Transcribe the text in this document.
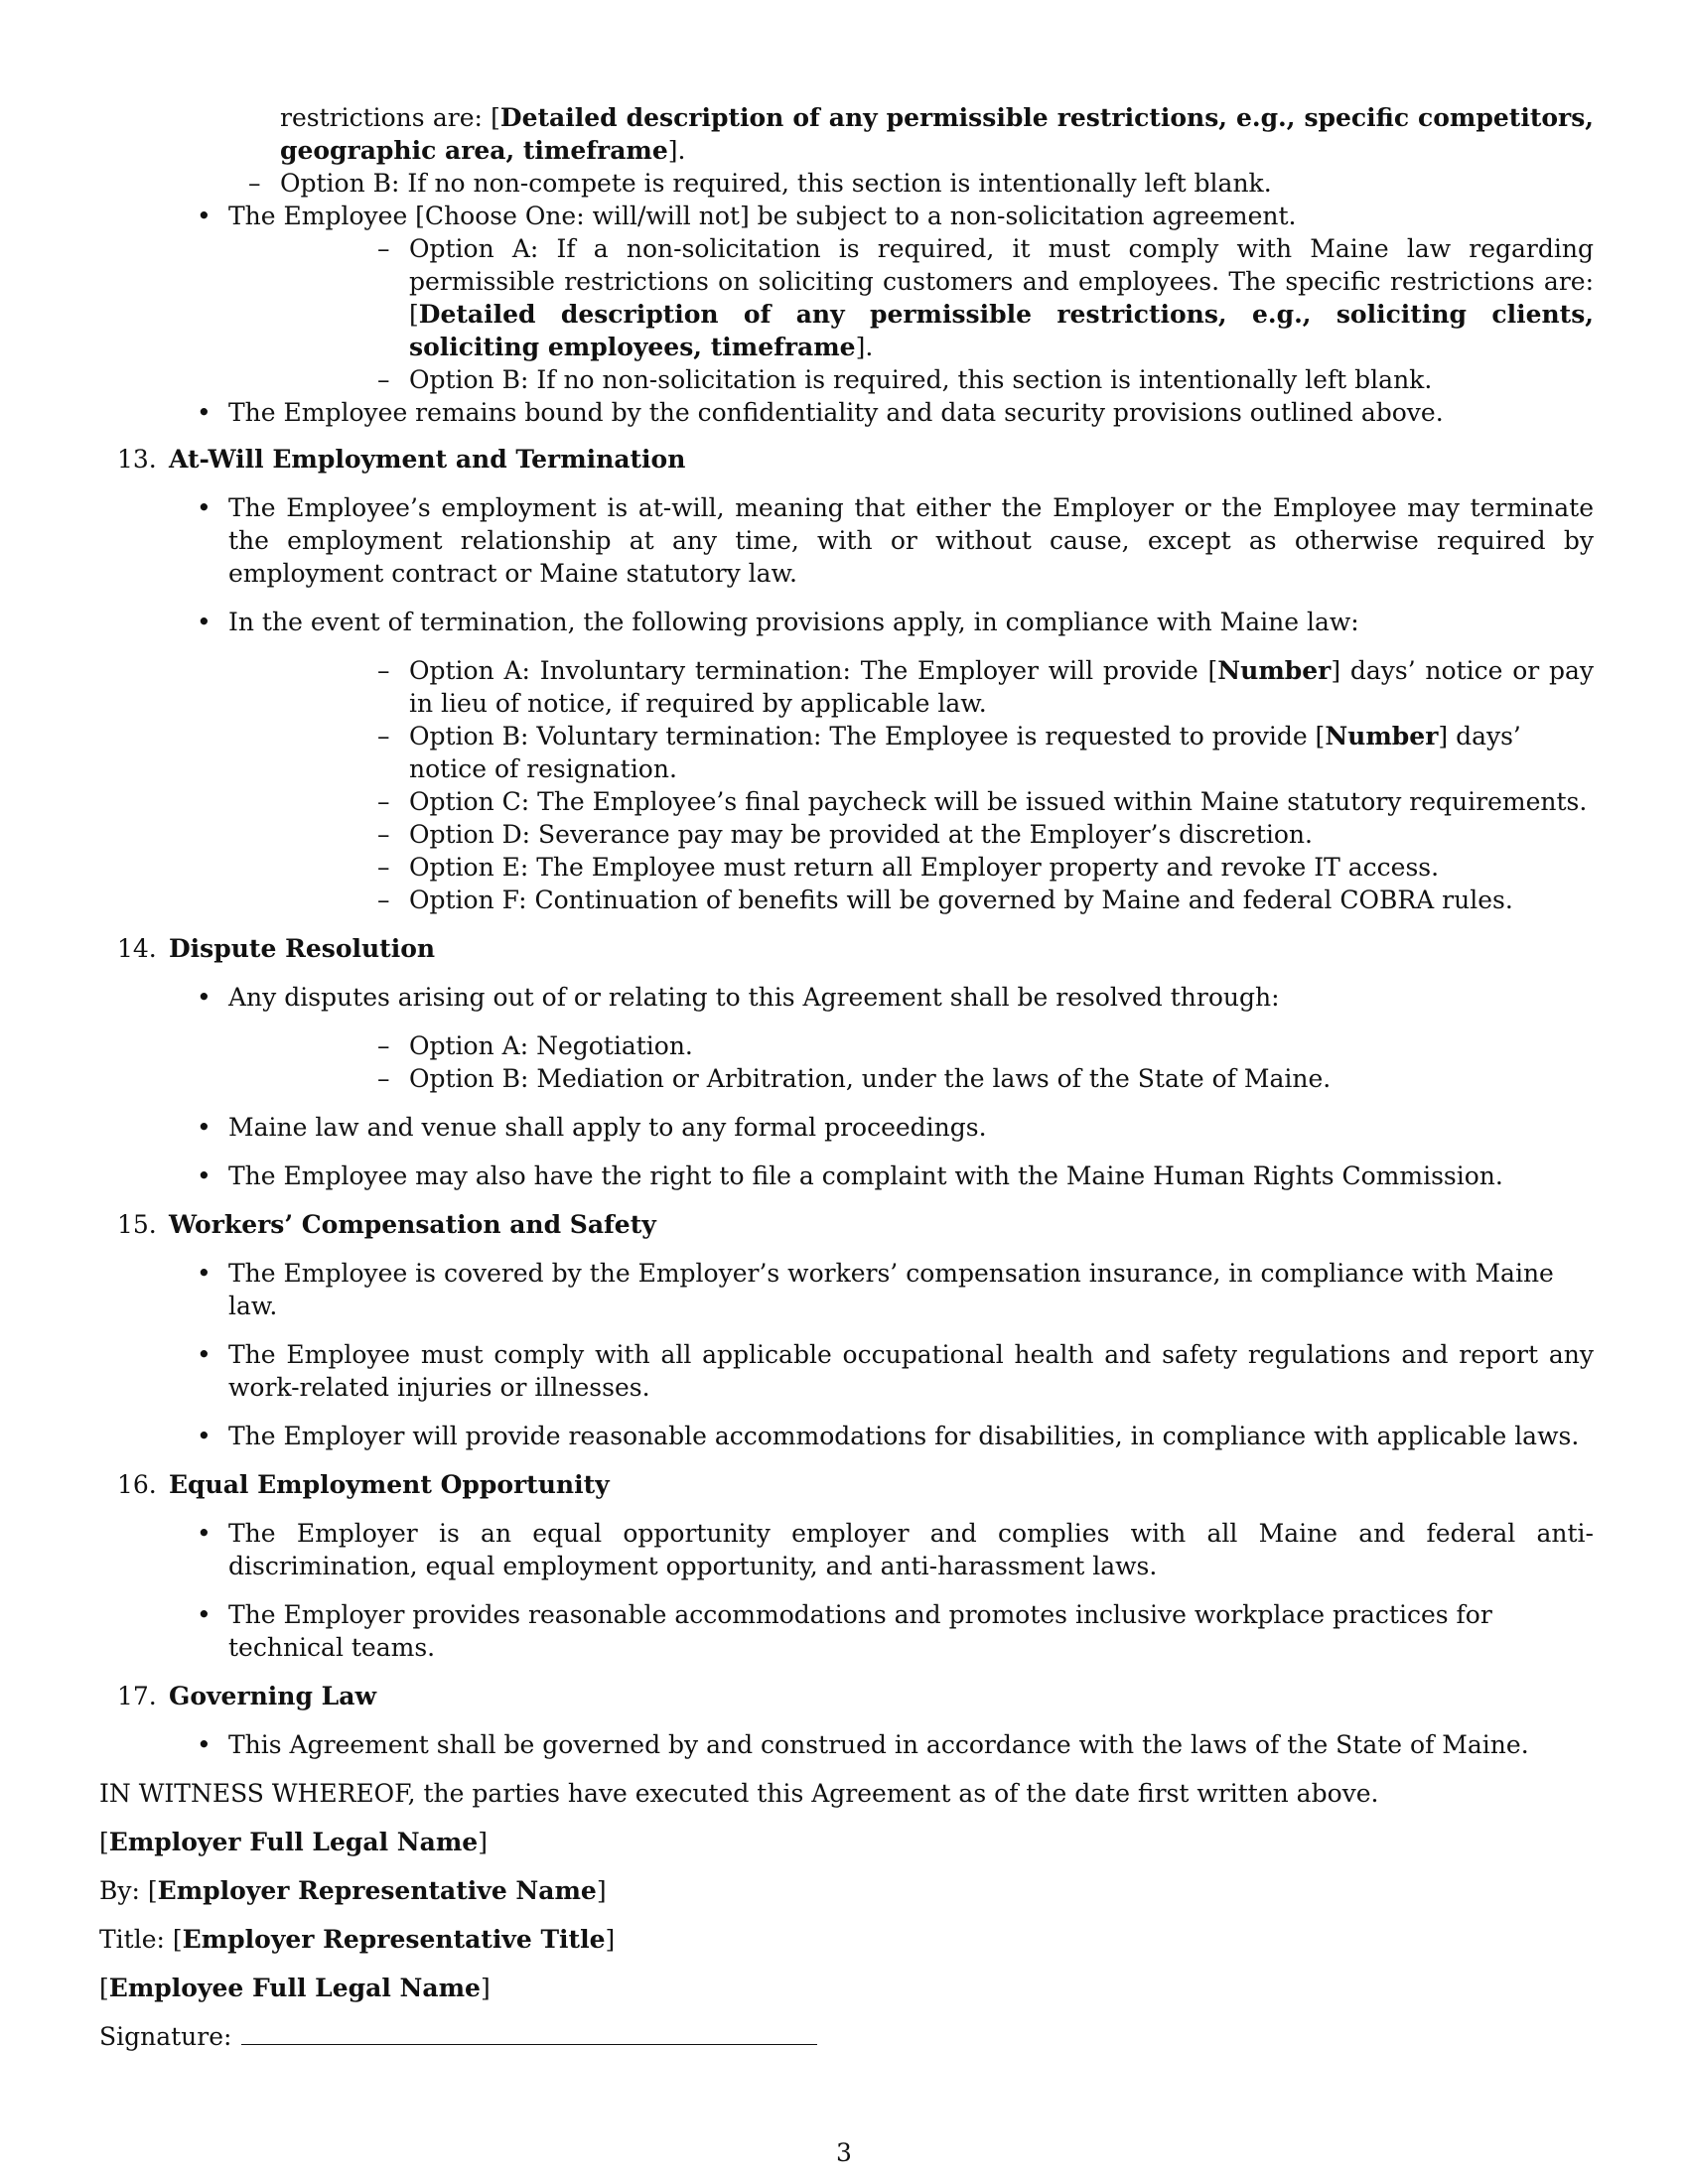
restrictions are: [Detailed description of any permissible restrictions, e.g., specific competitors, geographic area, timeframe].
– Option B: If no non-compete is required, this section is intentionally left blank.
• The Employee [Choose One: will/will not] be subject to a non-solicitation agreement.
– Option A: If a non-solicitation is required, it must comply with Maine law regarding permissible restrictions on soliciting customers and employees. The specific restrictions are: [Detailed description of any permissible restrictions, e.g., soliciting clients, soliciting employees, timeframe].
– Option B: If no non-solicitation is required, this section is intentionally left blank.
• The Employee remains bound by the confidentiality and data security provisions outlined above.
13. At-Will Employment and Termination
• The Employee’s employment is at-will, meaning that either the Employer or the Employee may terminate the employment relationship at any time, with or without cause, except as otherwise required by employment contract or Maine statutory law.
• In the event of termination, the following provisions apply, in compliance with Maine law:
– Option A: Involuntary termination: The Employer will provide [Number] days’ notice or pay in lieu of notice, if required by applicable law.
– Option B: Voluntary termination: The Employee is requested to provide [Number] days’ notice of resignation.
– Option C: The Employee’s final paycheck will be issued within Maine statutory requirements.
– Option D: Severance pay may be provided at the Employer’s discretion.
– Option E: The Employee must return all Employer property and revoke IT access.
– Option F: Continuation of benefits will be governed by Maine and federal COBRA rules.
14. Dispute Resolution
• Any disputes arising out of or relating to this Agreement shall be resolved through:
– Option A: Negotiation.
– Option B: Mediation or Arbitration, under the laws of the State of Maine.
• Maine law and venue shall apply to any formal proceedings.
• The Employee may also have the right to file a complaint with the Maine Human Rights Commission.
15. Workers’ Compensation and Safety
• The Employee is covered by the Employer’s workers’ compensation insurance, in compliance with Maine law.
• The Employee must comply with all applicable occupational health and safety regulations and report any work-related injuries or illnesses.
• The Employer will provide reasonable accommodations for disabilities, in compliance with applicable laws.
16. Equal Employment Opportunity
• The Employer is an equal opportunity employer and complies with all Maine and federal anti-discrimination, equal employment opportunity, and anti-harassment laws.
• The Employer provides reasonable accommodations and promotes inclusive workplace practices for technical teams.
17. Governing Law
• This Agreement shall be governed by and construed in accordance with the laws of the State of Maine.

IN WITNESS WHEREOF, the parties have executed this Agreement as of the date first written above.

[Employer Full Legal Name]

By: [Employer Representative Name]

Title: [Employer Representative Title]

[Employee Full Legal Name]

Signature:

3
